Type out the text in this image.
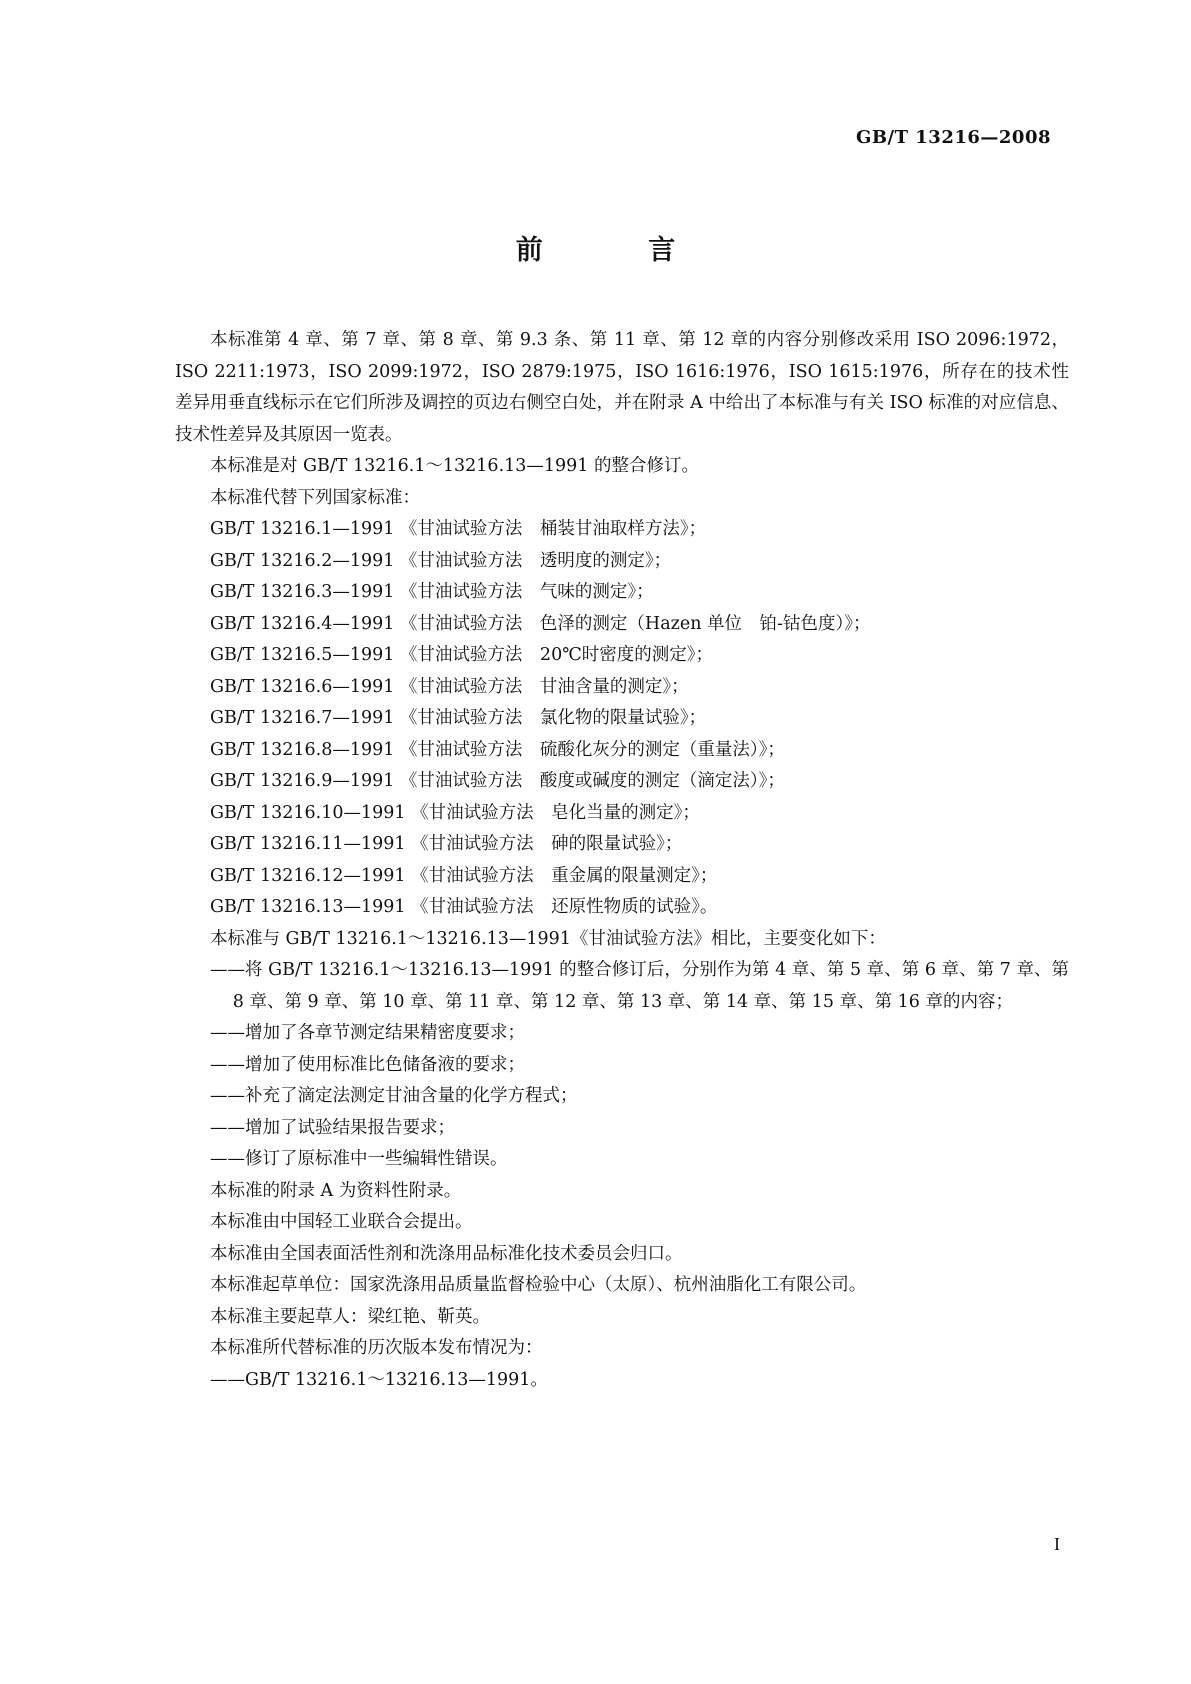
GB/T 13216—2008
前 言

本标准第 4 章、第 7 章、第 8 章、第 9.3 条、第 11 章、第 12 章的内容分别修改采用 ISO 2096:1972，ISO 2211:1973，ISO 2099:1972，ISO 2879:1975，ISO 1616:1976，ISO 1615:1976，所存在的技术性差异用垂直线标示在它们所涉及调控的页边右侧空白处，并在附录 A 中给出了本标准与有关 ISO 标准的对应信息、技术性差异及其原因一览表。

本标准是对 GB/T 13216.1～13216.13—1991 的整合修订。

本标准代替下列国家标准：

GB/T 13216.1—1991 《甘油试验方法　桶装甘油取样方法》；

GB/T 13216.2—1991 《甘油试验方法　透明度的测定》；

GB/T 13216.3—1991 《甘油试验方法　气味的测定》；

GB/T 13216.4—1991 《甘油试验方法　色泽的测定（Hazen 单位　铂-钴色度）》；

GB/T 13216.5—1991 《甘油试验方法　20℃时密度的测定》；

GB/T 13216.6—1991 《甘油试验方法　甘油含量的测定》；

GB/T 13216.7—1991 《甘油试验方法　氯化物的限量试验》；

GB/T 13216.8—1991 《甘油试验方法　硫酸化灰分的测定（重量法）》；

GB/T 13216.9—1991 《甘油试验方法　酸度或碱度的测定（滴定法）》；

GB/T 13216.10—1991 《甘油试验方法　皂化当量的测定》；

GB/T 13216.11—1991 《甘油试验方法　砷的限量试验》；

GB/T 13216.12—1991 《甘油试验方法　重金属的限量测定》；

GB/T 13216.13—1991 《甘油试验方法　还原性物质的试验》。

本标准与 GB/T 13216.1～13216.13—1991《甘油试验方法》相比，主要变化如下：

——将 GB/T 13216.1～13216.13—1991 的整合修订后，分别作为第 4 章、第 5 章、第 6 章、第 7 章、第 8 章、第 9 章、第 10 章、第 11 章、第 12 章、第 13 章、第 14 章、第 15 章、第 16 章的内容；

——增加了各章节测定结果精密度要求；

——增加了使用标准比色储备液的要求；

——补充了滴定法测定甘油含量的化学方程式；

——增加了试验结果报告要求；

——修订了原标准中一些编辑性错误。

本标准的附录 A 为资料性附录。

本标准由中国轻工业联合会提出。

本标准由全国表面活性剂和洗涤用品标准化技术委员会归口。

本标准起草单位：国家洗涤用品质量监督检验中心（太原）、杭州油脂化工有限公司。

本标准主要起草人：梁红艳、靳英。

本标准所代替标准的历次版本发布情况为：

——GB/T 13216.1～13216.13—1991。

I
